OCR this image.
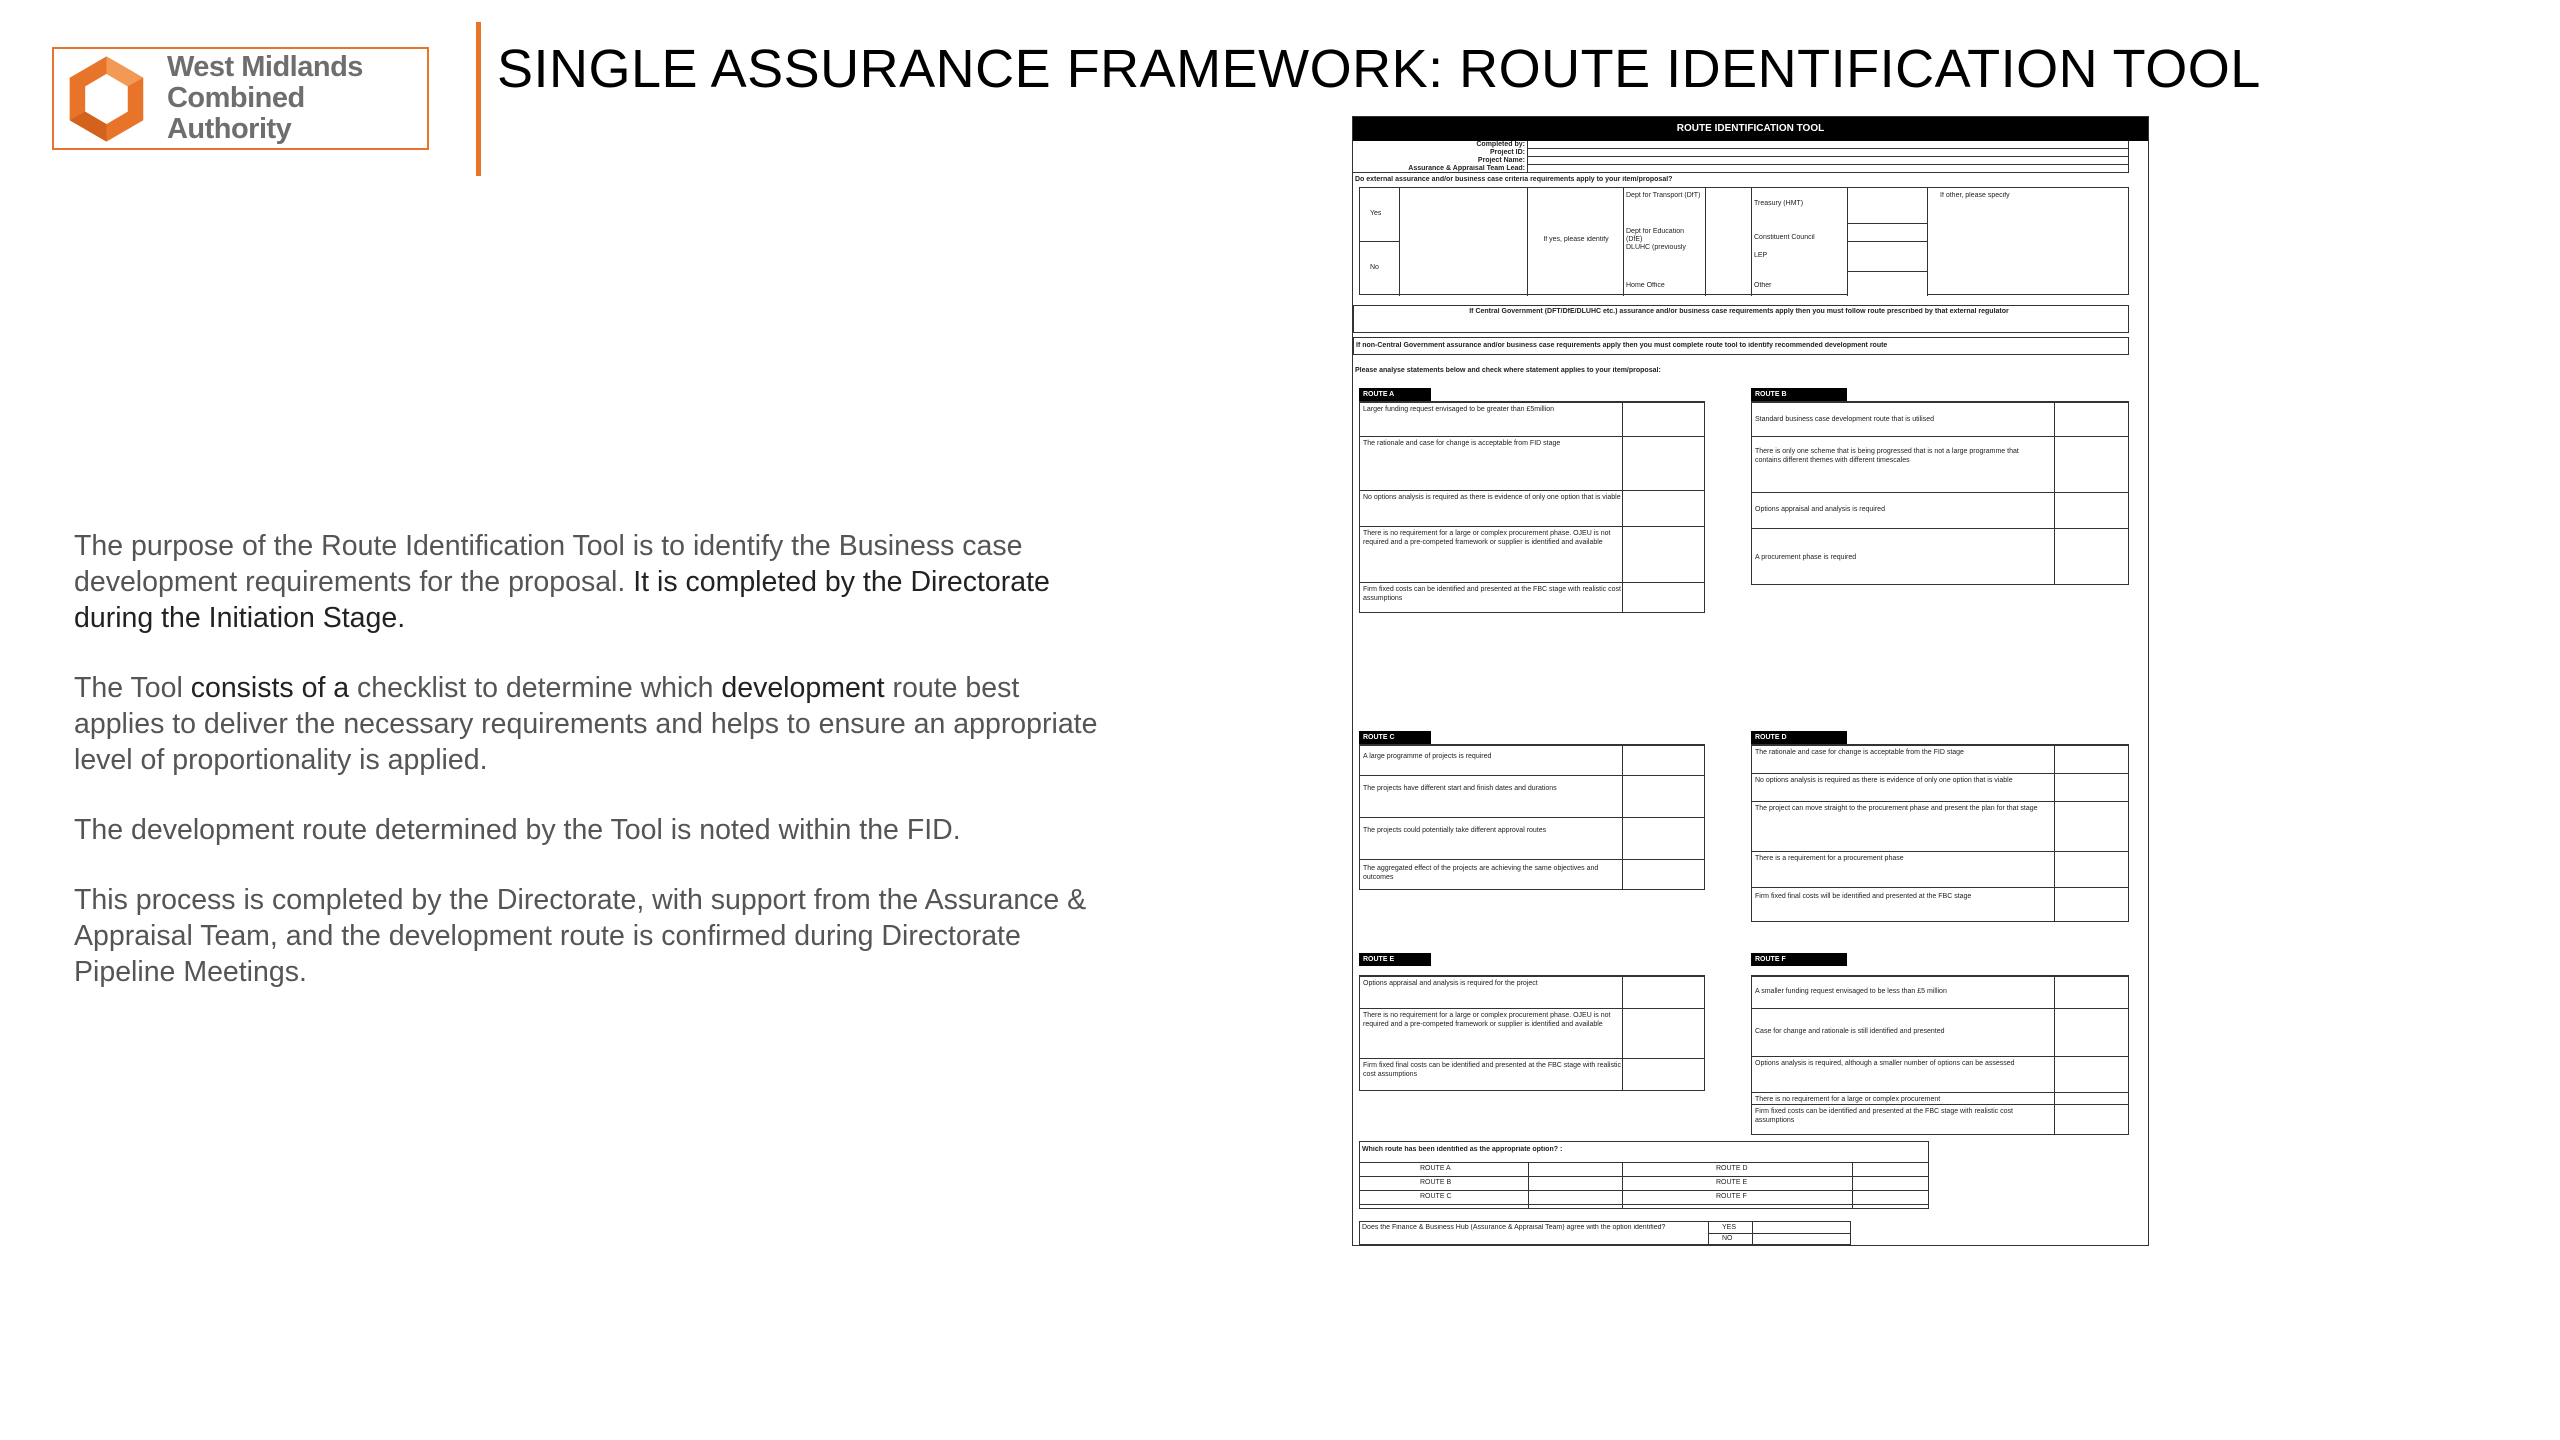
West Midlands
Combined Authority
SINGLE ASSURANCE FRAMEWORK: ROUTE IDENTIFICATION TOOL

The purpose of the Route Identification Tool is to identify the Business case development requirements for the proposal. It is completed by the Directorate during the Initiation Stage.

The Tool consists of a checklist to determine which development route best applies to deliver the necessary requirements and helps to ensure an appropriate level of proportionality is applied.

The development route determined by the Tool is noted within the FID.

This process is completed by the Directorate, with support from the Assurance & Appraisal Team, and the development route is confirmed during Directorate Pipeline Meetings.

ROUTE IDENTIFICATION TOOL
Completed by:
Project ID:
Project Name:
Assurance & Appraisal Team Lead:
Do external assurance and/or business case criteria requirements apply to your item/proposal?
Yes
No
If yes, please identify
Dept for Transport (DfT)
Dept for Education (DfE)
DLUHC (previously
Home Office
Treasury (HMT)
Constituent Council
LEP
Other
If other, please specify
If Central Government (DFT/DfE/DLUHC etc.) assurance and/or business case requirements apply then you must follow route prescribed by that external regulator
If non-Central Government assurance and/or business case requirements apply then you must complete route tool to identify recommended development route
Please analyse statements below and check where statement applies to your item/proposal:
ROUTE A
Larger funding request envisaged to be greater than £5million
The rationale and case for change is acceptable from FID stage
No options analysis is required as there is evidence of only one option that is viable
There is no requirement for a large or complex procurement phase. OJEU is not required and a pre-competed framework or supplier is identified and available
Firm fixed costs can be identified and presented at the FBC stage with realistic cost assumptions
ROUTE B
Standard business case development route that is utilised
There is only one scheme that is being progressed that is not a large programme that contains different themes with different timescales
Options appraisal and analysis is required
A procurement phase is required
ROUTE C
A large programme of projects is required
The projects have different start and finish dates and durations
The projects could potentially take different approval routes
The aggregated effect of the projects are achieving the same objectives and outcomes
ROUTE D
The rationale and case for change is acceptable from the FID stage
No options analysis is required as there is evidence of only one option that is viable
The project can move straight to the procurement phase and present the plan for that stage
There is a requirement for a procurement phase
Firm fixed final costs will be identified and presented at the FBC stage
ROUTE E
Options appraisal and analysis is required for the project
There is no requirement for a large or complex procurement phase. OJEU is not required and a pre-competed framework or supplier is identified and available
Firm fixed final costs can be identified and presented at the FBC stage with realistic cost assumptions
ROUTE F
A smaller funding request envisaged to be less than £5 million
Case for change and rationale is still identified and presented
Options analysis is required, although a smaller number of options can be assessed
There is no requirement for a large or complex procurement
Firm fixed costs can be identified and presented at the FBC stage with realistic cost assumptions
Which route has been identified as the appropriate option? :
ROUTE A
ROUTE B
ROUTE C
ROUTE D
ROUTE E
ROUTE F
Does the Finance & Business Hub (Assurance & Appraisal Team) agree with the option identified?	YES
NO
